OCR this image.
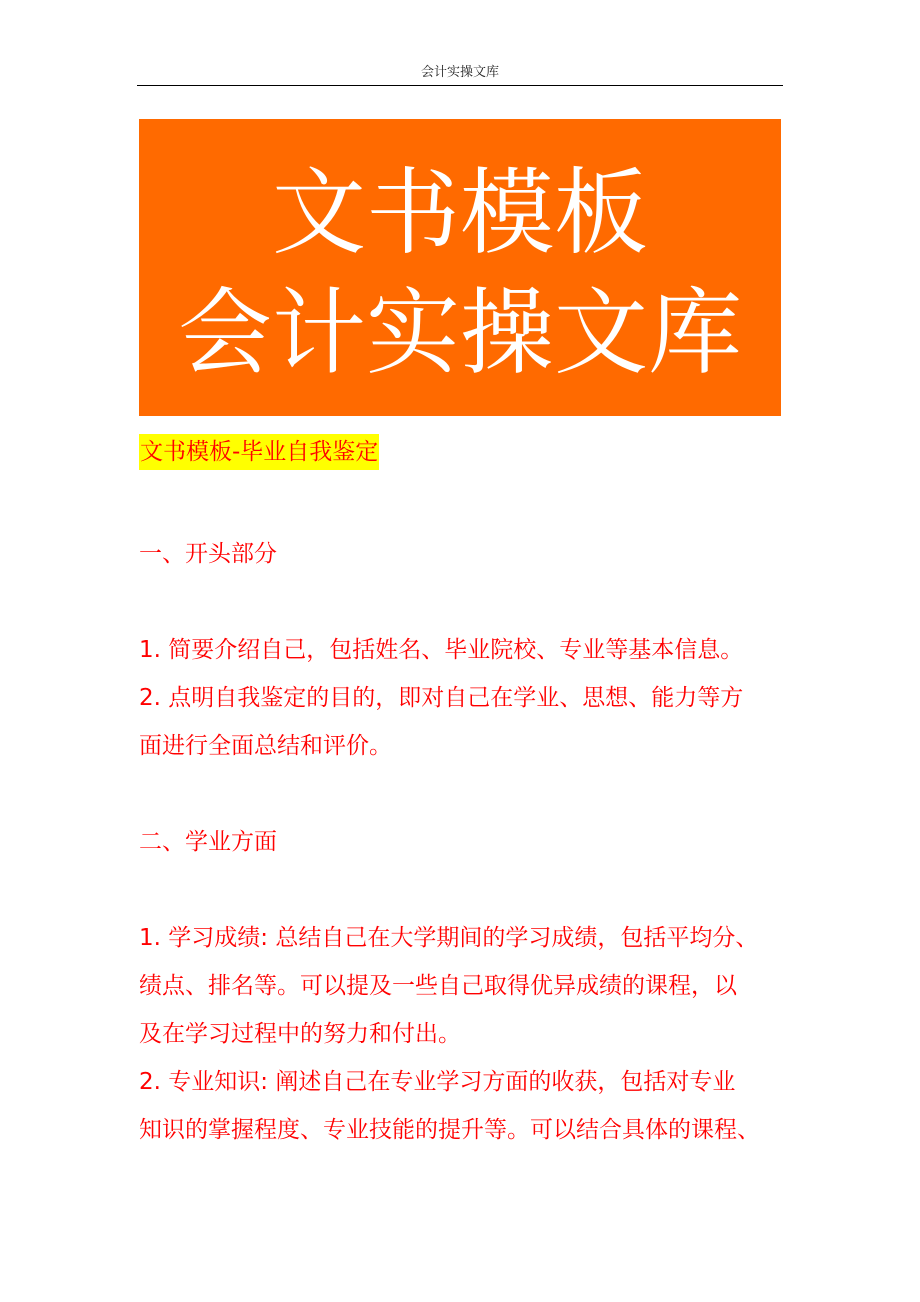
会计实操文库
文书模板
会计实操文库
文书模板-毕业自我鉴定

一、开头部分

1. 简要介绍自己，包括姓名、毕业院校、专业等基本信息。

2. 点明自我鉴定的目的，即对自己在学业、思想、能力等方

面进行全面总结和评价。

二、学业方面

1. 学习成绩: 总结自己在大学期间的学习成绩，包括平均分、

绩点、排名等。可以提及一些自己取得优异成绩的课程，以

及在学习过程中的努力和付出。

2. 专业知识: 阐述自己在专业学习方面的收获，包括对专业

知识的掌握程度、专业技能的提升等。可以结合具体的课程、
